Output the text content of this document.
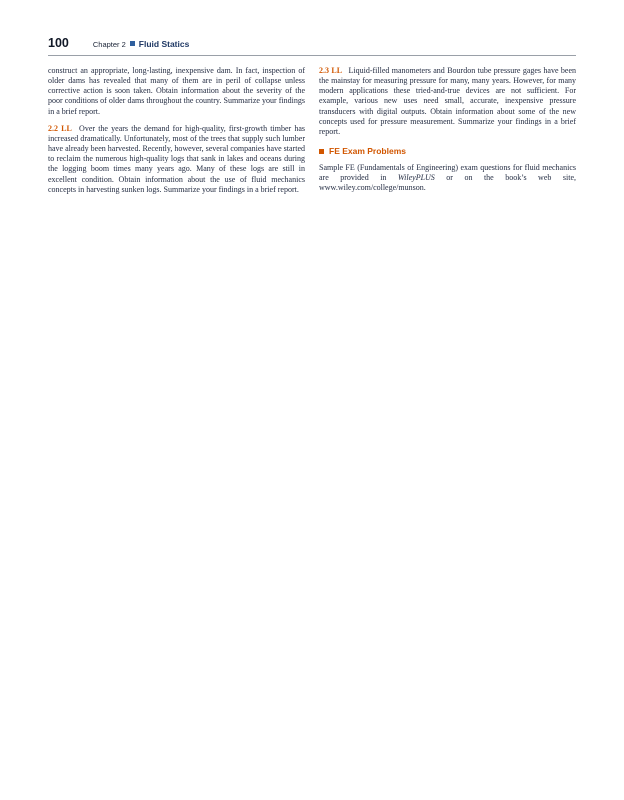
100	Chapter 2 Fluid Statics

construct an appropriate, long-lasting, inexpensive dam. In fact, inspection of older dams has revealed that many of them are in peril of collapse unless corrective action is soon taken. Obtain information about the severity of the poor conditions of older dams throughout the country. Summarize your findings in a brief report.

2.2 LL Over the years the demand for high-quality, first-growth timber has increased dramatically. Unfortunately, most of the trees that supply such lumber have already been harvested. Recently, however, several companies have started to reclaim the numerous high-quality logs that sank in lakes and oceans during the logging boom times many years ago. Many of these logs are still in excellent condition. Obtain information about the use of fluid mechanics concepts in harvesting sunken logs. Summarize your findings in a brief report.

2.3 LL Liquid-filled manometers and Bourdon tube pressure gages have been the mainstay for measuring pressure for many, many years. However, for many modern applications these tried-and-true devices are not sufficient. For example, various new uses need small, accurate, inexpensive pressure transducers with digital outputs. Obtain information about some of the new concepts used for pressure measurement. Summarize your findings in a brief report.

FE Exam Problems

Sample FE (Fundamentals of Engineering) exam questions for fluid mechanics are provided in WileyPLUS or on the book’s web site, www.wiley.com/college/munson.
